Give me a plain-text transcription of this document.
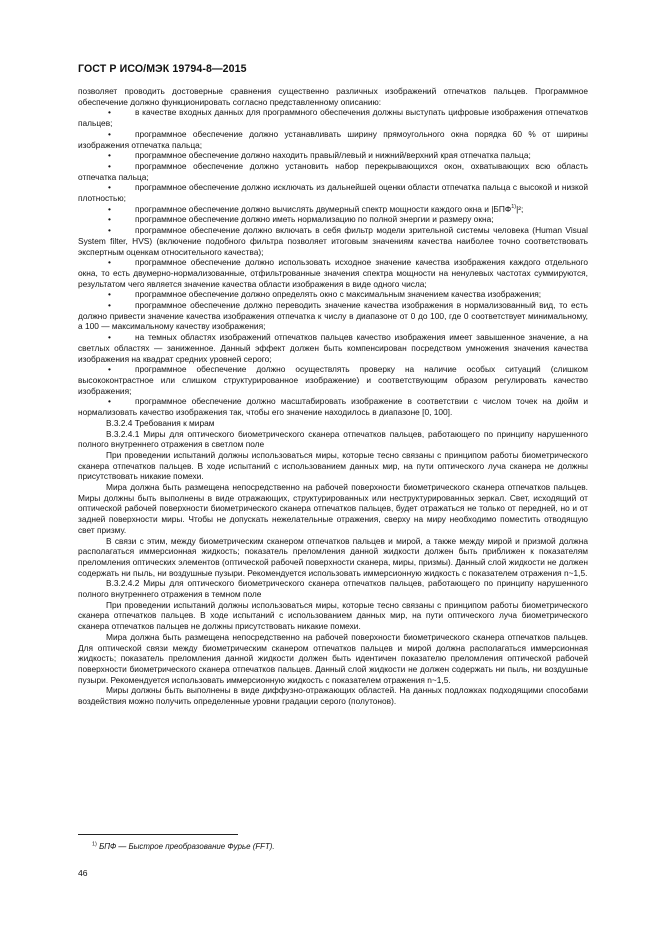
ГОСТ Р ИСО/МЭК 19794-8—2015

позволяет проводить достоверные сравнения существенно различных изображений отпечатков пальцев. Программное обеспечение должно функционировать согласно представленному описанию:

•	в качестве входных данных для программного обеспечения должны выступать цифровые изображения отпечатков пальцев;

•	программное обеспечение должно устанавливать ширину прямоугольного окна порядка 60 % от ширины изображения отпечатка пальца;

•	программное обеспечение должно находить правый/левый и нижний/верхний края отпечатка пальца;

•	программное обеспечение должно установить набор перекрывающихся окон, охватывающих всю область отпечатка пальца;

•	программное обеспечение должно исключать из дальнейшей оценки области отпечатка пальца с высокой и низкой плотностью;

•	программное обеспечение должно вычислять двумерный спектр мощности каждого окна и |БПФ$^{1)}$|²;

•	программное обеспечение должно иметь нормализацию по полной энергии и размеру окна;

•	программное обеспечение должно включать в себя фильтр модели зрительной системы человека (Human Visual System filter, HVS) (включение подобного фильтра позволяет итоговым значениям качества наиболее точно соответствовать экспертным оценкам относительного качества);

•	программное обеспечение должно использовать исходное значение качества изображения каждого отдельного окна, то есть двумерно-нормализованные, отфильтрованные значения спектра мощности на ненулевых частотах суммируются, результатом чего является значение качества области изображения в виде одного числа;

•	программное обеспечение должно определять окно с максимальным значением качества изображения;

•	программное обеспечение должно переводить значение качества изображения в нормализованный вид, то есть должно привести значение качества изображения отпечатка к числу в диапазоне от 0 до 100, где 0 соответствует минимальному, а 100 — максимальному качеству изображения;

•	на темных областях изображений отпечатков пальцев качество изображения имеет завышенное значение, а на светлых областях — заниженное. Данный эффект должен быть компенсирован посредством умножения значения качества изображения на квадрат средних уровней серого;

•	программное обеспечение должно осуществлять проверку на наличие особых ситуаций (слишком высококонтрастное или слишком структурированное изображение) и соответствующим образом регулировать качество изображения;

•	программное обеспечение должно масштабировать изображение в соответствии с числом точек на дюйм и нормализовать качество изображения так, чтобы его значение находилось в диапазоне [0, 100].

В.3.2.4 Требования к мирам

В.3.2.4.1 Миры для оптического биометрического сканера отпечатков пальцев, работающего по принципу нарушенного полного внутреннего отражения в светлом поле

При проведении испытаний должны использоваться миры, которые тесно связаны с принципом работы биометрического сканера отпечатков пальцев. В ходе испытаний с использованием данных мир, на пути оптического луча сканера не должны присутствовать никакие помехи.

Мира должна быть размещена непосредственно на рабочей поверхности биометрического сканера отпечатков пальцев. Миры должны быть выполнены в виде отражающих, структурированных или неструктурированных зеркал. Свет, исходящий от оптической рабочей поверхности биометрического сканера отпечатков пальцев, будет отражаться не только от передней, но и от задней поверхности миры. Чтобы не допускать нежелательные отражения, сверху на миру необходимо поместить отводящую свет призму.

В связи с этим, между биометрическим сканером отпечатков пальцев и мирой, а также между мирой и призмой должна располагаться иммерсионная жидкость; показатель преломления данной жидкости должен быть приближен к показателям преломления оптических элементов (оптической рабочей поверхности сканера, миры, призмы). Данный слой жидкости не должен содержать ни пыль, ни воздушные пузыри. Рекомендуется использовать иммерсионную жидкость с показателем отражения n~1,5.

В.3.2.4.2 Миры для оптического биометрического сканера отпечатков пальцев, работающего по принципу нарушенного полного внутреннего отражения в темном поле

При проведении испытаний должны использоваться миры, которые тесно связаны с принципом работы биометрического сканера отпечатков пальцев. В ходе испытаний с использованием данных мир, на пути оптического луча биометрического сканера отпечатков пальцев не должны присутствовать никакие помехи.

Мира должна быть размещена непосредственно на рабочей поверхности биометрического сканера отпечатков пальцев. Для оптической связи между биометрическим сканером отпечатков пальцев и мирой должна располагаться иммерсионная жидкость; показатель преломления данной жидкости должен быть идентичен показателю преломления оптической рабочей поверхности биометрического сканера отпечатков пальцев. Данный слой жидкости не должен содержать ни пыль, ни воздушные пузыри. Рекомендуется использовать иммерсионную жидкость с показателем отражения n~1,5.

Миры должны быть выполнены в виде диффузно-отражающих областей. На данных подложках подходящими способами воздействия можно получить определенные уровни градации серого (полутонов).

$^{1)}$ БПФ — Быстрое преобразование Фурье (FFT).
46
